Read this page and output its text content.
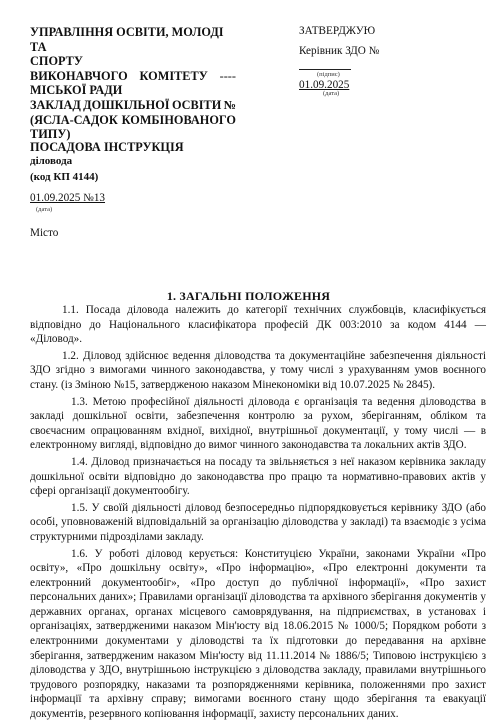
УПРАВЛІННЯ ОСВІТИ, МОЛОДІ ТА
СПОРТУ
ВИКОНАВЧОГО КОМІТЕТУ ----
МІСЬКОЇ РАДИ
ЗАКЛАД ДОШКІЛЬНОЇ ОСВІТИ №
(ЯСЛА-САДОК КОМБІНОВАНОГО
ТИПУ)
ЗАТВЕРДЖУЮ
Керівник ЗДО №
(підпис)
01.09.2025
(дата)
ПОСАДОВА ІНСТРУКЦІЯ
діловода
(код КП 4144)
01.09.2025 №13
(дата)
Місто
1. ЗАГАЛЬНІ ПОЛОЖЕННЯ

1.1. Посада діловода належить до категорії технічних службовців, класифікується відповідно до Національного класифікатора професій ДК 003:2010 за кодом 4144 — «Діловод».

1.2. Діловод здійснює ведення діловодства та документаційне забезпечення діяльності ЗДО згідно з вимогами чинного законодавства, у тому числі з урахуванням умов воєнного стану. (із Зміною №15, затвердженою наказом Мінекономіки від 10.07.2025 № 2845).

1.3. Метою професійної діяльності діловода є організація та ведення діловодства в закладі дошкільної освіти, забезпечення контролю за рухом, зберіганням, обліком та своєчасним опрацюванням вхідної, вихідної, внутрішньої документації, у тому числі — в електронному вигляді, відповідно до вимог чинного законодавства та локальних актів ЗДО.

1.4. Діловод призначається на посаду та звільняється з неї наказом керівника закладу дошкільної освіти відповідно до законодавства про працю та нормативно-правових актів у сфері організації документообігу.

1.5. У своїй діяльності діловод безпосередньо підпорядковується керівнику ЗДО (або особі, уповноваженій відповідальній за організацію діловодства у закладі) та взаємодіє з усіма структурними підрозділами закладу.

1.6. У роботі діловод керується: Конституцією України, законами України «Про освіту», «Про дошкільну освіту», «Про інформацію», «Про електронні документи та електронний документообіг», «Про доступ до публічної інформації», «Про захист персональних даних»; Правилами організації діловодства та архівного зберігання документів у державних органах, органах місцевого самоврядування, на підприємствах, в установах і організаціях, затвердженими наказом Мін'юсту від 18.06.2015 № 1000/5; Порядком роботи з електронними документами у діловодстві та їх підготовки до передавання на архівне зберігання, затвердженим наказом Мін'юсту від 11.11.2014 № 1886/5; Типовою інструкцією з діловодства у ЗДО, внутрішньою інструкцією з діловодства закладу, правилами внутрішнього трудового розпорядку, наказами та розпорядженнями керівника, положеннями про захист інформації та архівну справу; вимогами воєнного стану щодо зберігання та евакуації документів, резервного копіювання інформації, захисту персональних даних.
